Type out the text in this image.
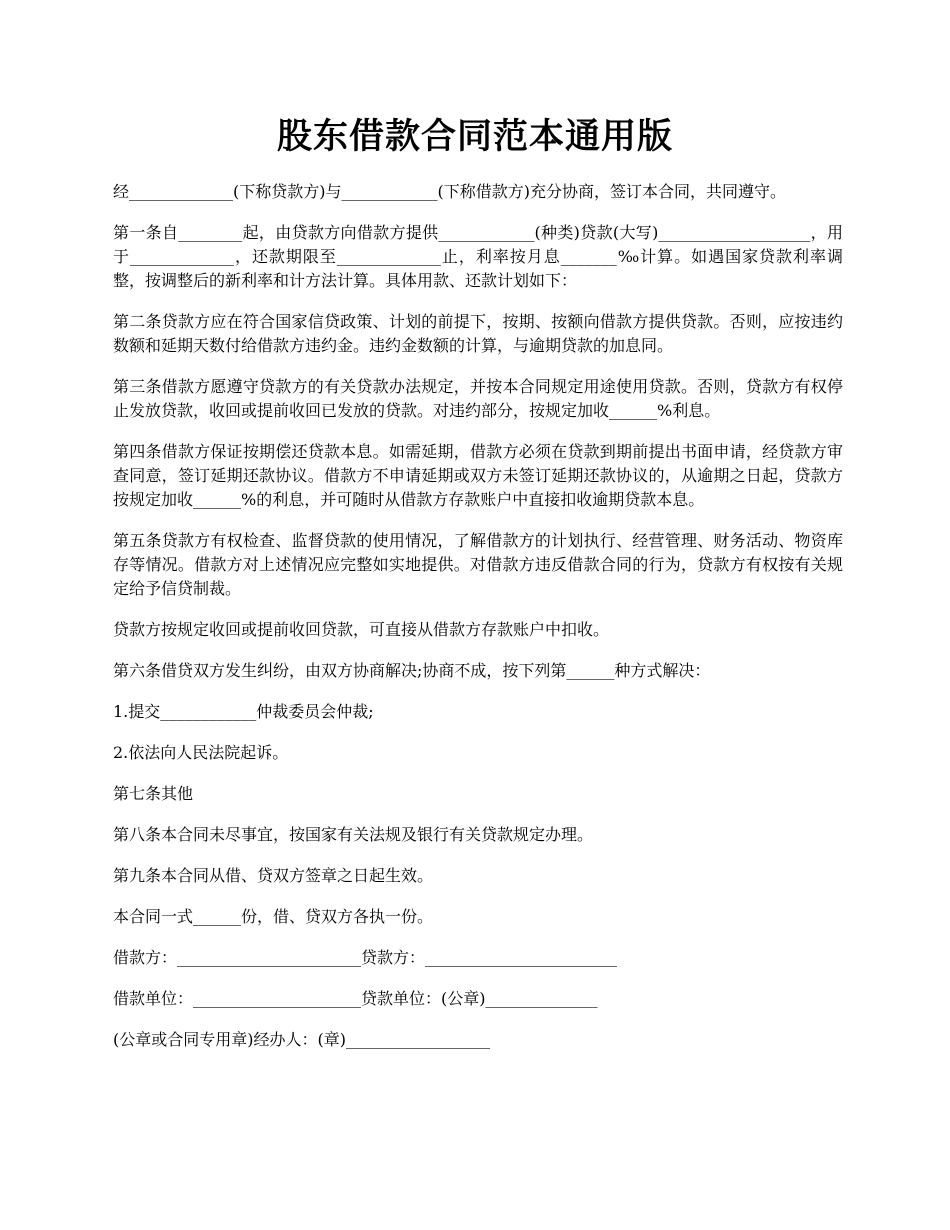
股东借款合同范本通用版

经_____________(下称贷款方)与____________(下称借款方)充分协商，签订本合同，共同遵守。

第一条自________起，由贷款方向借款方提供____________(种类)贷款(大写)___________________，用于_____________，还款期限至_____________止，利率按月息_______‰计算。如遇国家贷款利率调整，按调整后的新利率和计方法计算。具体用款、还款计划如下：

第二条贷款方应在符合国家信贷政策、计划的前提下，按期、按额向借款方提供贷款。否则，应按违约数额和延期天数付给借款方违约金。违约金数额的计算，与逾期贷款的加息同。

第三条借款方愿遵守贷款方的有关贷款办法规定，并按本合同规定用途使用贷款。否则，贷款方有权停止发放贷款，收回或提前收回已发放的贷款。对违约部分，按规定加收______%利息。

第四条借款方保证按期偿还贷款本息。如需延期，借款方必须在贷款到期前提出书面申请，经贷款方审查同意，签订延期还款协议。借款方不申请延期或双方未签订延期还款协议的，从逾期之日起，贷款方按规定加收______%的利息，并可随时从借款方存款账户中直接扣收逾期贷款本息。

第五条贷款方有权检查、监督贷款的使用情况，了解借款方的计划执行、经营管理、财务活动、物资库存等情况。借款方对上述情况应完整如实地提供。对借款方违反借款合同的行为，贷款方有权按有关规定给予信贷制裁。

贷款方按规定收回或提前收回贷款，可直接从借款方存款账户中扣收。

第六条借贷双方发生纠纷，由双方协商解决;协商不成，按下列第______种方式解决：

1.提交____________仲裁委员会仲裁;

2.依法向人民法院起诉。

第七条其他

第八条本合同未尽事宜，按国家有关法规及银行有关贷款规定办理。

第九条本合同从借、贷双方签章之日起生效。

本合同一式______份，借、贷双方各执一份。

借款方：_______________________贷款方：________________________

借款单位：_____________________贷款单位：(公章)______________

(公章或合同专用章)经办人：(章)__________________
